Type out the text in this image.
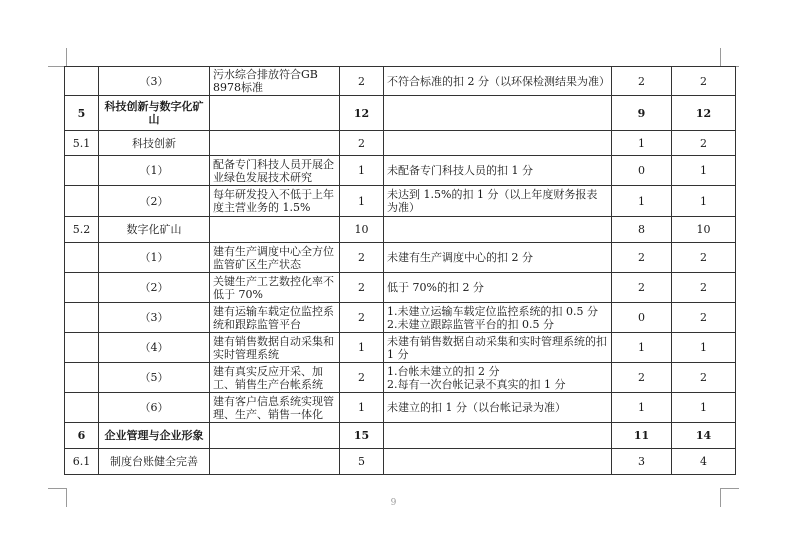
	（3）	污水综合排放符合GB 8978标准	2	不符合标准的扣 2 分（以环保检测结果为准）	2	2
5	科技创新与数字化矿山		12		9	12
5.1	科技创新		2		1	2
	（1）	配备专门科技人员开展企业绿色发展技术研究	1	未配备专门科技人员的扣 1 分	0	1
	（2）	每年研发投入不低于上年度主营业务的 1.5%	1	未达到 1.5%的扣 1 分（以上年度财务报表为准）	1	1
5.2	数字化矿山		10		8	10
	（1）	建有生产调度中心全方位监管矿区生产状态	2	未建有生产调度中心的扣 2 分	2	2
	（2）	关键生产工艺数控化率不低于 70%	2	低于 70%的扣 2 分	2	2
	（3）	建有运输车载定位监控系统和跟踪监管平台	2	1.未建立运输车载定位监控系统的扣 0.5 分
2.未建立跟踪监管平台的扣 0.5 分	0	2
	（4）	建有销售数据自动采集和实时管理系统	1	未建有销售数据自动采集和实时管理系统的扣 1 分	1	1
	（5）	建有真实反应开采、加工、销售生产台帐系统	2	1.台帐未建立的扣 2 分
2.每有一次台帐记录不真实的扣 1 分	2	2
	（6）	建有客户信息系统实现管理、生产、销售一体化	1	未建立的扣 1 分（以台帐记录为准）	1	1
6	企业管理与企业形象		15		11	14
6.1	制度台账健全完善		5		3	4
9
